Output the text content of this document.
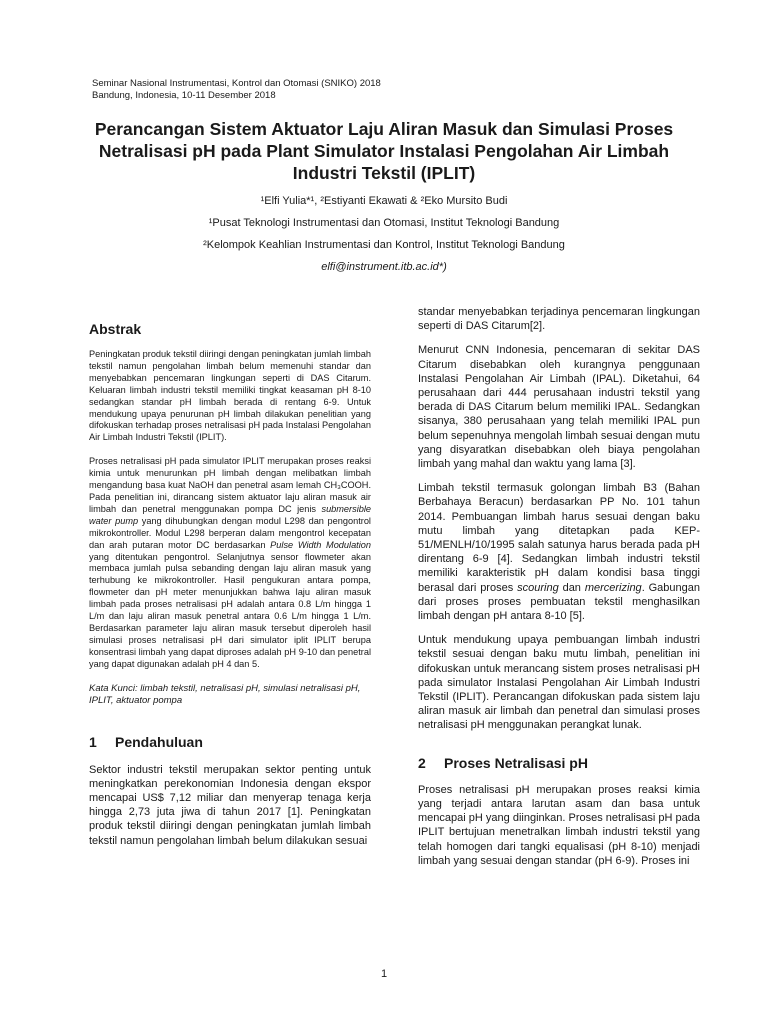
Seminar Nasional Instrumentasi, Kontrol dan Otomasi (SNIKO) 2018
Bandung, Indonesia, 10-11 Desember 2018
Perancangan Sistem Aktuator Laju Aliran Masuk dan Simulasi Proses Netralisasi pH pada Plant Simulator Instalasi Pengolahan Air Limbah Industri Tekstil (IPLIT)
¹Elfi Yulia*¹, ²Estiyanti Ekawati & ²Eko Mursito Budi
¹Pusat Teknologi Instrumentasi dan Otomasi, Institut Teknologi Bandung
²Kelompok Keahlian Instrumentasi dan Kontrol, Institut Teknologi Bandung
elfi@instrument.itb.ac.id*)
Abstrak

Peningkatan produk tekstil diiringi dengan peningkatan jumlah limbah tekstil namun pengolahan limbah belum memenuhi standar dan menyebabkan pencemaran lingkungan seperti di DAS Citarum. Keluaran limbah industri tekstil memiliki tingkat keasaman pH 8-10 sedangkan standar pH limbah berada di rentang 6-9. Untuk mendukung upaya penurunan pH limbah dilakukan penelitian yang difokuskan terhadap proses netralisasi pH pada Instalasi Pengolahan Air Limbah Industri Tekstil (IPLIT).

Proses netralisasi pH pada simulator IPLIT merupakan proses reaksi kimia untuk menurunkan pH limbah dengan melibatkan limbah mengandung basa kuat NaOH dan penetral asam lemah CH₃COOH. Pada penelitian ini, dirancang sistem aktuator laju aliran masuk air limbah dan penetral menggunakan pompa DC jenis submersible water pump yang dihubungkan dengan modul L298 dan pengontrol mikrokontroller. Modul L298 berperan dalam mengontrol kecepatan dan arah putaran motor DC berdasarkan Pulse Width Modulation yang ditentukan pengontrol. Selanjutnya sensor flowmeter akan membaca jumlah pulsa sebanding dengan laju aliran masuk yang terhubung ke mikrokontroller. Hasil pengukuran antara pompa, flowmeter dan pH meter menunjukkan bahwa laju aliran masuk limbah pada proses netralisasi pH adalah antara 0.8 L/m hingga 1 L/m dan laju aliran masuk penetral antara 0.6 L/m hingga 1 L/m. Berdasarkan parameter laju aliran masuk tersebut diperoleh hasil simulasi proses netralisasi pH dari simulator iplit IPLIT berupa konsentrasi limbah yang dapat diproses adalah pH 9-10 dan penetral yang dapat digunakan adalah pH 4 dan 5.

Kata Kunci: limbah tekstil, netralisasi pH, simulasi netralisasi pH, IPLIT, aktuator pompa

1	Pendahuluan

Sektor industri tekstil merupakan sektor penting untuk meningkatkan perekonomian Indonesia dengan ekspor mencapai US$ 7,12 miliar dan menyerap tenaga kerja hingga 2,73 juta jiwa di tahun 2017 [1]. Peningkatan produk tekstil diiringi dengan peningkatan jumlah limbah tekstil namun pengolahan limbah belum dilakukan sesuai

standar menyebabkan terjadinya pencemaran lingkungan seperti di DAS Citarum[2].

Menurut CNN Indonesia, pencemaran di sekitar DAS Citarum disebabkan oleh kurangnya penggunaan Instalasi Pengolahan Air Limbah (IPAL). Diketahui, 64 perusahaan dari 444 perusahaan industri tekstil yang berada di DAS Citarum belum memiliki IPAL. Sedangkan sisanya, 380 perusahaan yang telah memiliki IPAL pun belum sepenuhnya mengolah limbah sesuai dengan mutu yang disyaratkan disebabkan oleh biaya pengolahan limbah yang mahal dan waktu yang lama [3].

Limbah tekstil termasuk golongan limbah B3 (Bahan Berbahaya Beracun) berdasarkan PP No. 101 tahun 2014. Pembuangan limbah harus sesuai dengan baku mutu limbah yang ditetapkan pada KEP-51/MENLH/10/1995 salah satunya harus berada pada pH direntang 6-9 [4]. Sedangkan limbah industri tekstil memiliki karakteristik pH dalam kondisi basa tinggi berasal dari proses scouring dan mercerizing. Gabungan dari proses proses pembuatan tekstil menghasilkan limbah dengan pH antara 8-10 [5].

Untuk mendukung upaya pembuangan limbah industri tekstil sesuai dengan baku mutu limbah, penelitian ini difokuskan untuk merancang sistem proses netralisasi pH pada simulator Instalasi Pengolahan Air Limbah Industri Tekstil (IPLIT). Perancangan difokuskan pada sistem laju aliran masuk air limbah dan penetral dan simulasi proses netralisasi pH menggunakan perangkat lunak.

2	Proses Netralisasi pH

Proses netralisasi pH merupakan proses reaksi kimia yang terjadi antara larutan asam dan basa untuk mencapai pH yang diinginkan. Proses netralisasi pH pada IPLIT bertujuan menetralkan limbah industri tekstil yang telah homogen dari tangki equalisasi (pH 8-10) menjadi limbah yang sesuai dengan standar (pH 6-9). Proses ini

1
